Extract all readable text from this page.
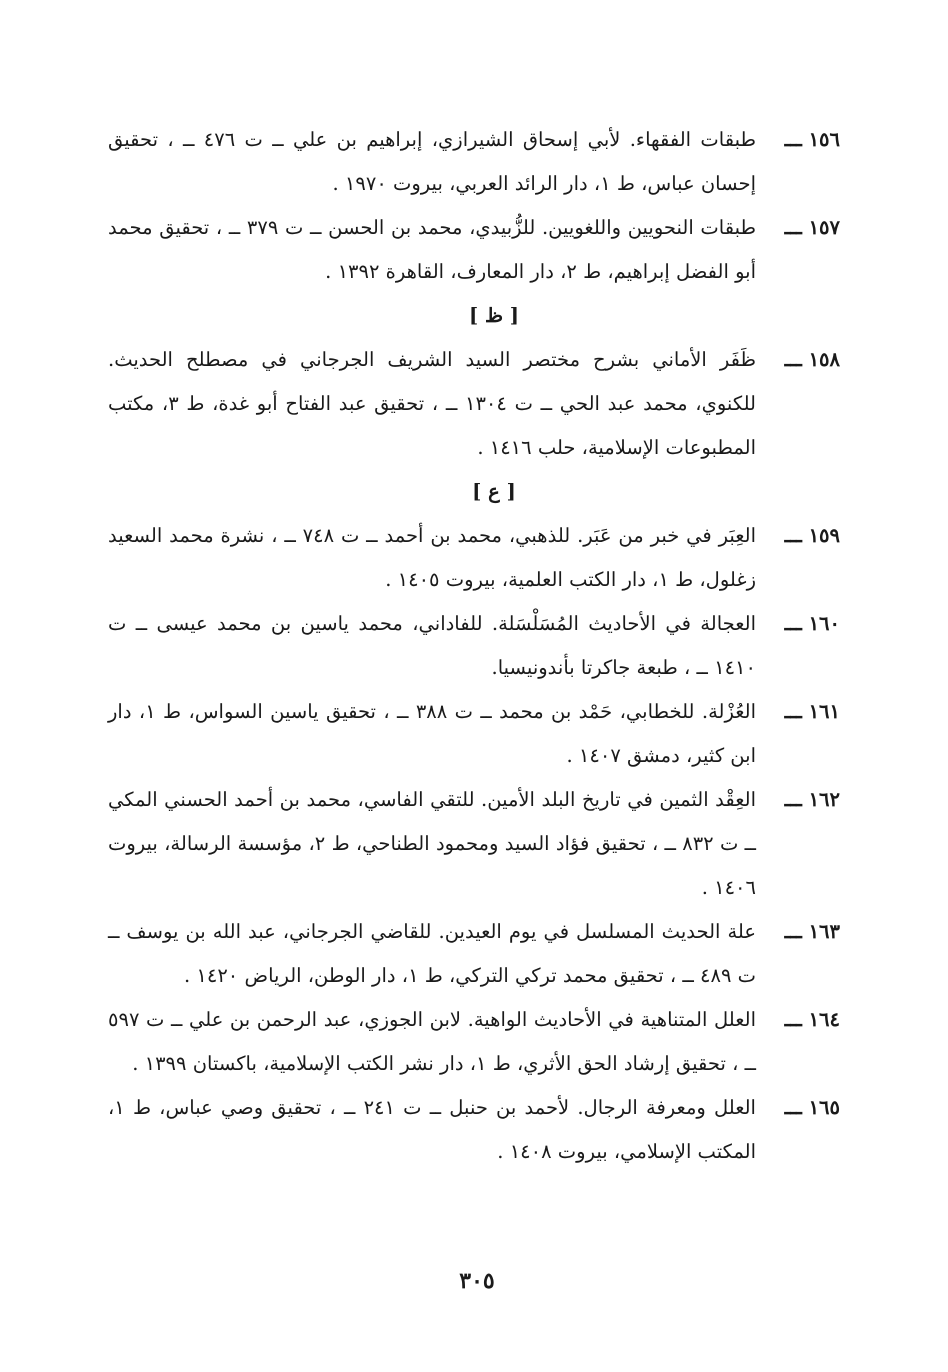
١٥٦ ـــ
طبقات الفقهاء. لأبي إسحاق الشيرازي، إبراهيم بن علي ــ ت ٤٧٦ ــ ، تحقيق إحسان عباس، ط ١، دار الرائد العربي، بيروت ١٩٧٠ .
١٥٧ ـــ
طبقات النحويين واللغويين. للزُّبيدي، محمد بن الحسن ــ ت ٣٧٩ ــ ، تحقيق محمد أبو الفضل إبراهيم، ط ٢، دار المعارف، القاهرة ١٣٩٢ .
[ ظ ]
١٥٨ ـــ
ظَفَر الأماني بشرح مختصر السيد الشريف الجرجاني في مصطلح الحديث. للكنوي، محمد عبد الحي ــ ت ١٣٠٤ ــ ، تحقيق عبد الفتاح أبو غدة، ط ٣، مكتب المطبوعات الإسلامية، حلب ١٤١٦ .
[ ع ]
١٥٩ ـــ
العِبَر في خبر من عَبَر. للذهبي، محمد بن أحمد ــ ت ٧٤٨ ــ ، نشرة محمد السعيد زغلول، ط ١، دار الكتب العلمية، بيروت ١٤٠٥ .
١٦٠ ـــ
العجالة في الأحاديث المُسَلْسَلة. للفاداني، محمد ياسين بن محمد عيسى ــ ت ١٤١٠ ــ ، طبعة جاكرتا بأندونيسيا.
١٦١ ـــ
العُزْلة. للخطابي، حَمْد بن محمد ــ ت ٣٨٨ ــ ، تحقيق ياسين السواس، ط ١، دار ابن كثير، دمشق ١٤٠٧ .
١٦٢ ـــ
العِقْد الثمين في تاريخ البلد الأمين. للتقي الفاسي، محمد بن أحمد الحسني المكي ــ ت ٨٣٢ ــ ، تحقيق فؤاد السيد ومحمود الطناحي، ط ٢، مؤسسة الرسالة، بيروت ١٤٠٦ .
١٦٣ ـــ
علة الحديث المسلسل في يوم العيدين. للقاضي الجرجاني، عبد الله بن يوسف ــ ت ٤٨٩ ــ ، تحقيق محمد تركي التركي، ط ١، دار الوطن، الرياض ١٤٢٠ .
١٦٤ ـــ
العلل المتناهية في الأحاديث الواهية. لابن الجوزي، عبد الرحمن بن علي ــ ت ٥٩٧ ــ ، تحقيق إرشاد الحق الأثري، ط ١، دار نشر الكتب الإسلامية، باكستان ١٣٩٩ .
١٦٥ ـــ
العلل ومعرفة الرجال. لأحمد بن حنبل ــ ت ٢٤١ ــ ، تحقيق وصي عباس، ط ١، المكتب الإسلامي، بيروت ١٤٠٨ .
٣٠٥
